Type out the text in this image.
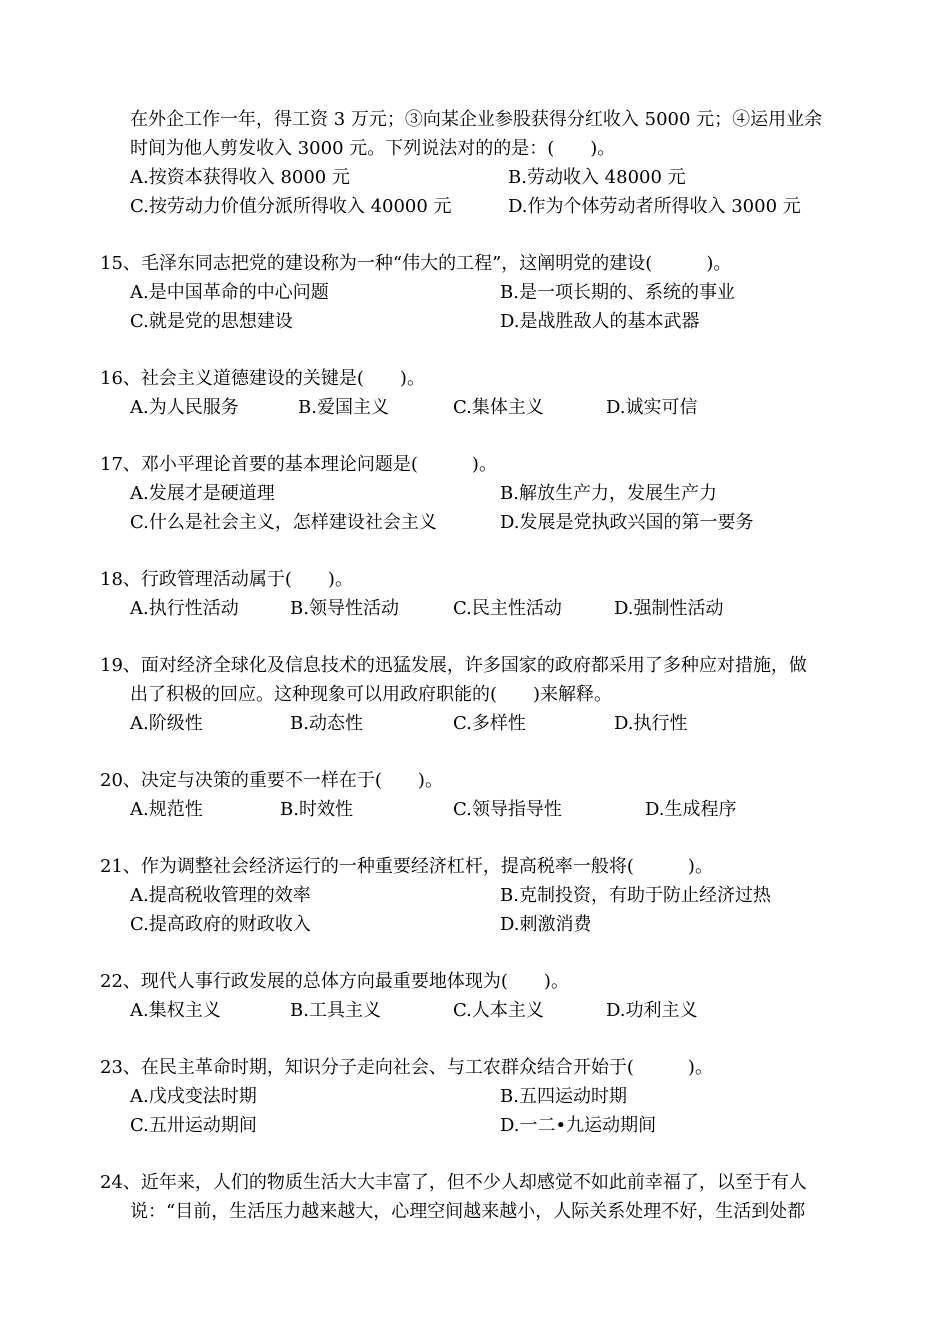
在外企工作一年，得工资 3 万元；③向某企业参股获得分红收入 5000 元；④运用业余
时间为他人剪发收入 3000 元。下列说法对的的是：(　　)。
A.按资本获得收入 8000 元	B.劳动收入 48000 元
C.按劳动力价值分派所得收入 40000 元	D.作为个体劳动者所得收入 3000 元
15、毛泽东同志把党的建设称为一种“伟大的工程”，这阐明党的建设(　　　)。
A.是中国革命的中心问题	B.是一项长期的、系统的事业
C.就是党的思想建设	D.是战胜敌人的基本武器
16、社会主义道德建设的关键是(　　)。
A.为人民服务	B.爱国主义	C.集体主义	D.诚实可信
17、邓小平理论首要的基本理论问题是(　　　)。
A.发展才是硬道理	B.解放生产力，发展生产力
C.什么是社会主义，怎样建设社会主义	D.发展是党执政兴国的第一要务
18、行政管理活动属于(　　)。
A.执行性活动	B.领导性活动	C.民主性活动	D.强制性活动
19、面对经济全球化及信息技术的迅猛发展，许多国家的政府都采用了多种应对措施，做
出了积极的回应。这种现象可以用政府职能的(　　)来解释。
A.阶级性	B.动态性	C.多样性	D.执行性
20、决定与决策的重要不一样在于(　　)。
A.规范性	B.时效性	C.领导指导性	D.生成程序
21、作为调整社会经济运行的一种重要经济杠杆，提高税率一般将(　　　)。
A.提高税收管理的效率	B.克制投资，有助于防止经济过热
C.提高政府的财政收入	D.刺激消费
22、现代人事行政发展的总体方向最重要地体现为(　　)。
A.集权主义	B.工具主义	C.人本主义	D.功利主义
23、在民主革命时期，知识分子走向社会、与工农群众结合开始于(　　　)。
A.戊戌变法时期	B.五四运动时期
C.五卅运动期间	D.一二•九运动期间
24、近年来，人们的物质生活大大丰富了，但不少人却感觉不如此前幸福了，以至于有人
说：“目前，生活压力越来越大，心理空间越来越小，人际关系处理不好，生活到处都
